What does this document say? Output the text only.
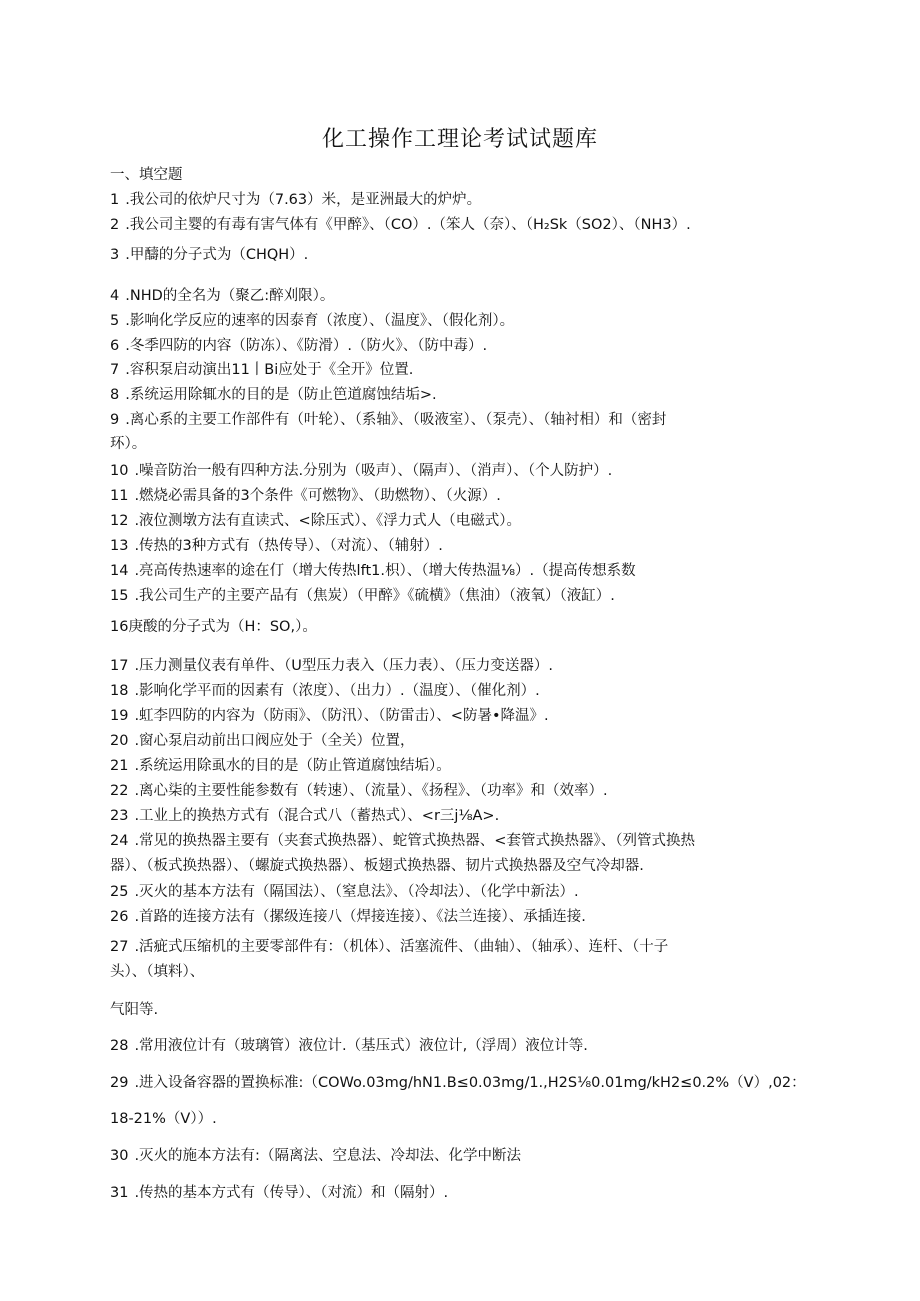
化工操作工理论考试试题库

一、填空题

1 .我公司的依炉尺寸为（7.63）米，是亚洲最大的炉炉。

2 .我公司主婴的有毒有害气体有《甲醉》、（CO）.（笨人（奈）、（H₂Sk（SO2）、（NH3）.

3 .甲醻的分子式为（CHQH）.

4 .NHD的全名为（聚乙:醉刈限）。

5 .影响化学反应的速率的因泰育（浓度）、（温度》、（假化剂）。

6 .冬季四防的内容（防冻）、《防滑）.（防火》、（防中毒）.

7 .容积泵启动演出11丨Bi应处于《全开》位置.

8 .系统运用除辄水的目的是（防止笆道腐蚀结垢>.

9 .离心系的主要工作部件有（叶轮）、（系轴》、（吸液室）、（泵壳）、（轴衬相）和（密封

环）。

10 .噪音防治一般有四种方法.分别为（吸声）、（隔声）、（消声）、（个人防护）.

11 .燃烧必需具备的3个条件《可燃物》、（助燃物）、（火源）.

12 .液位测墩方法有直读式、<除压式）、《浮力式人（电磁式）。

13 .传热的3种方式有（热传导）、（对流）、（辅射）.

14 .亮高传热速率的途在仃（增大传热lft1.枳）、（增大传热温⅛）.（提高传想系数

15 .我公司生产的主要产品有（焦炭）（甲醉》《硫横》（焦油）（液氧）（液缸）.

16庚酸的分子式为（H：SO,）。

17 .压力测量仪表有单件、（U型压力表入（压力表）、（压力变送器）.

18 .影响化学平而的因素有（浓度）、（出力）.（温度）、（催化剂）.

19 .虹李四防的内容为（防雨》、（防汛）、（防雷击）、<防暑•降温》.

20 .窗心泵启动前出口阀应处于（全关）位置，

21 .系统运用除虱水的目的是（防止管道腐蚀结垢）。

22 .离心柒的主要性能参数有（转速）、（流量）、《扬程》、（功率》和（效率）.

23 .工业上的换热方式有（混合式八（蓄热式）、<r三j⅛A>.

24 .常见的换热器主要有（夹套式换热器）、蛇管式换热器、<套管式换热器》、（列管式换热

器）、（板式换热器）、（螺旋式换热器）、板翅式换热器、韧片式换热器及空气冷却器.

25 .灭火的基本方法有（隔国法）、（窒息法》、（冷却法）、（化学中新法）.

26 .首路的连接方法有（摞级连接八（焊接连接）、《法兰连接）、承插连接.

27 .活疵式压缩机的主要零部件有：（机体）、活塞流件、（曲轴）、（轴承）、连杆、（十子

头）、（填料）、

气阳等.

28 .常用液位计有（玻璃管）液位计.（基压式）液位计,（浮周）液位计等.

29 .进入设备容器的置换标准:（COWo.03mg∕hN1.B≤0.03mg∕1.,H2S⅛0.01mg∕kH2≤0.2%（V）,02：

18-21%（V））.

30 .灭火的施本方法有:（隔离法、空息法、冷却法、化学中断法

31 .传热的基本方式有（传导）、（对流）和（隔射）.
